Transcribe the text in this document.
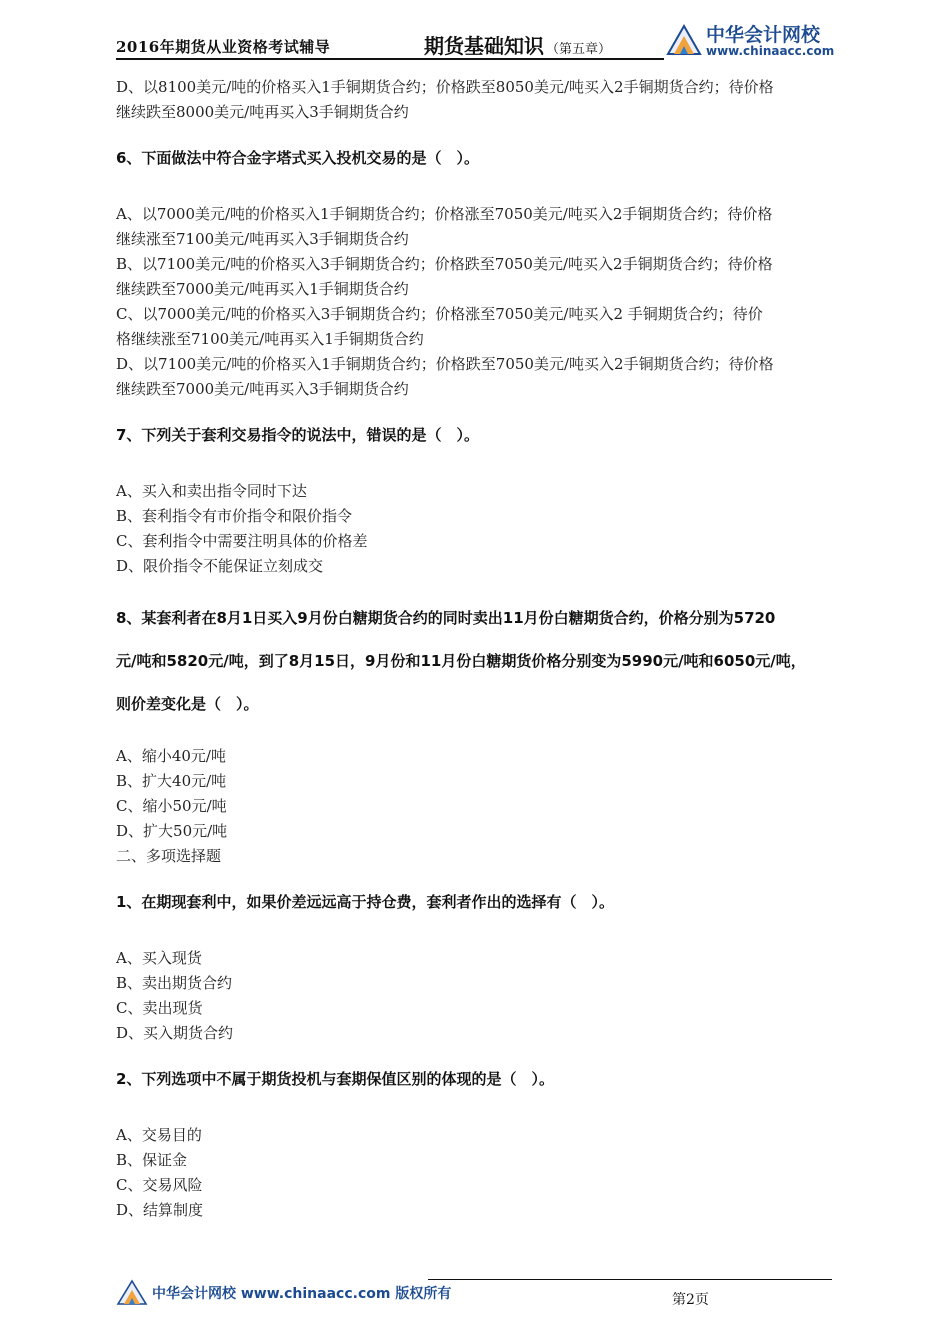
2016年期货从业资格考试辅导	期货基础知识 （第五章）
中华会计网校
www.chinaacc.com
D、以8100美元/吨的价格买入1手铜期货合约；价格跌至8050美元/吨买入2手铜期货合约；待价格
继续跌至8000美元/吨再买入3手铜期货合约
6、下面做法中符合金字塔式买入投机交易的是（　）。
A、以7000美元/吨的价格买入1手铜期货合约；价格涨至7050美元/吨买入2手铜期货合约；待价格
继续涨至7100美元/吨再买入3手铜期货合约
B、以7100美元/吨的价格买入3手铜期货合约；价格跌至7050美元/吨买入2手铜期货合约；待价格
继续跌至7000美元/吨再买入1手铜期货合约
C、以7000美元/吨的价格买入3手铜期货合约；价格涨至7050美元/吨买入2 手铜期货合约；待价
格继续涨至7100美元/吨再买入1手铜期货合约
D、以7100美元/吨的价格买入1手铜期货合约；价格跌至7050美元/吨买入2手铜期货合约；待价格
继续跌至7000美元/吨再买入3手铜期货合约
7、下列关于套利交易指令的说法中，错误的是（　）。
A、买入和卖出指令同时下达
B、套利指令有市价指令和限价指令
C、套利指令中需要注明具体的价格差
D、限价指令不能保证立刻成交
8、某套利者在8月1日买入9月份白糖期货合约的同时卖出11月份白糖期货合约，价格分别为5720
元/吨和5820元/吨，到了8月15日，9月份和11月份白糖期货价格分别变为5990元/吨和6050元/吨，
则价差变化是（　）。
A、缩小40元/吨
B、扩大40元/吨
C、缩小50元/吨
D、扩大50元/吨
二、多项选择题
1、在期现套利中，如果价差远远高于持仓费，套利者作出的选择有（　）。
A、买入现货
B、卖出期货合约
C、卖出现货
D、买入期货合约
2、下列选项中不属于期货投机与套期保值区别的体现的是（　）。
A、交易目的
B、保证金
C、交易风险
D、结算制度
中华会计网校 www.chinaacc.com 版权所有	第2页
